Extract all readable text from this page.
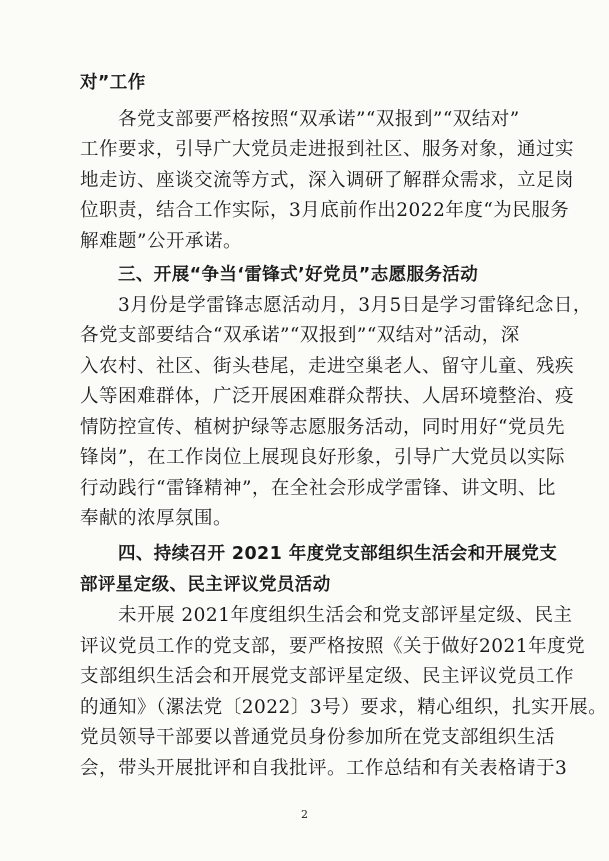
对”工作
各党支部要严格按照“双承诺”“双报到”“双结对”
工作要求，引导广大党员走进报到社区、服务对象，通过实
地走访、座谈交流等方式，深入调研了解群众需求，立足岗
位职责，结合工作实际，3月底前作出2022年度“为民服务
解难题”公开承诺。
三、开展“争当‘雷锋式’好党员”志愿服务活动
3月份是学雷锋志愿活动月，3月5日是学习雷锋纪念日，
各党支部要结合“双承诺”“双报到”“双结对”活动，深
入农村、社区、街头巷尾，走进空巢老人、留守儿童、残疾
人等困难群体，广泛开展困难群众帮扶、人居环境整治、疫
情防控宣传、植树护绿等志愿服务活动，同时用好“党员先
锋岗”，在工作岗位上展现良好形象，引导广大党员以实际
行动践行“雷锋精神”，在全社会形成学雷锋、讲文明、比
奉献的浓厚氛围。
四、持续召开 2021 年度党支部组织生活会和开展党支
部评星定级、民主评议党员活动
未开展 2021年度组织生活会和党支部评星定级、民主
评议党员工作的党支部，要严格按照《关于做好2021年度党
支部组织生活会和开展党支部评星定级、民主评议党员工作
的通知》（漯法党〔2022〕3号）要求，精心组织，扎实开展。
党员领导干部要以普通党员身份参加所在党支部组织生活
会，带头开展批评和自我批评。工作总结和有关表格请于3
2
